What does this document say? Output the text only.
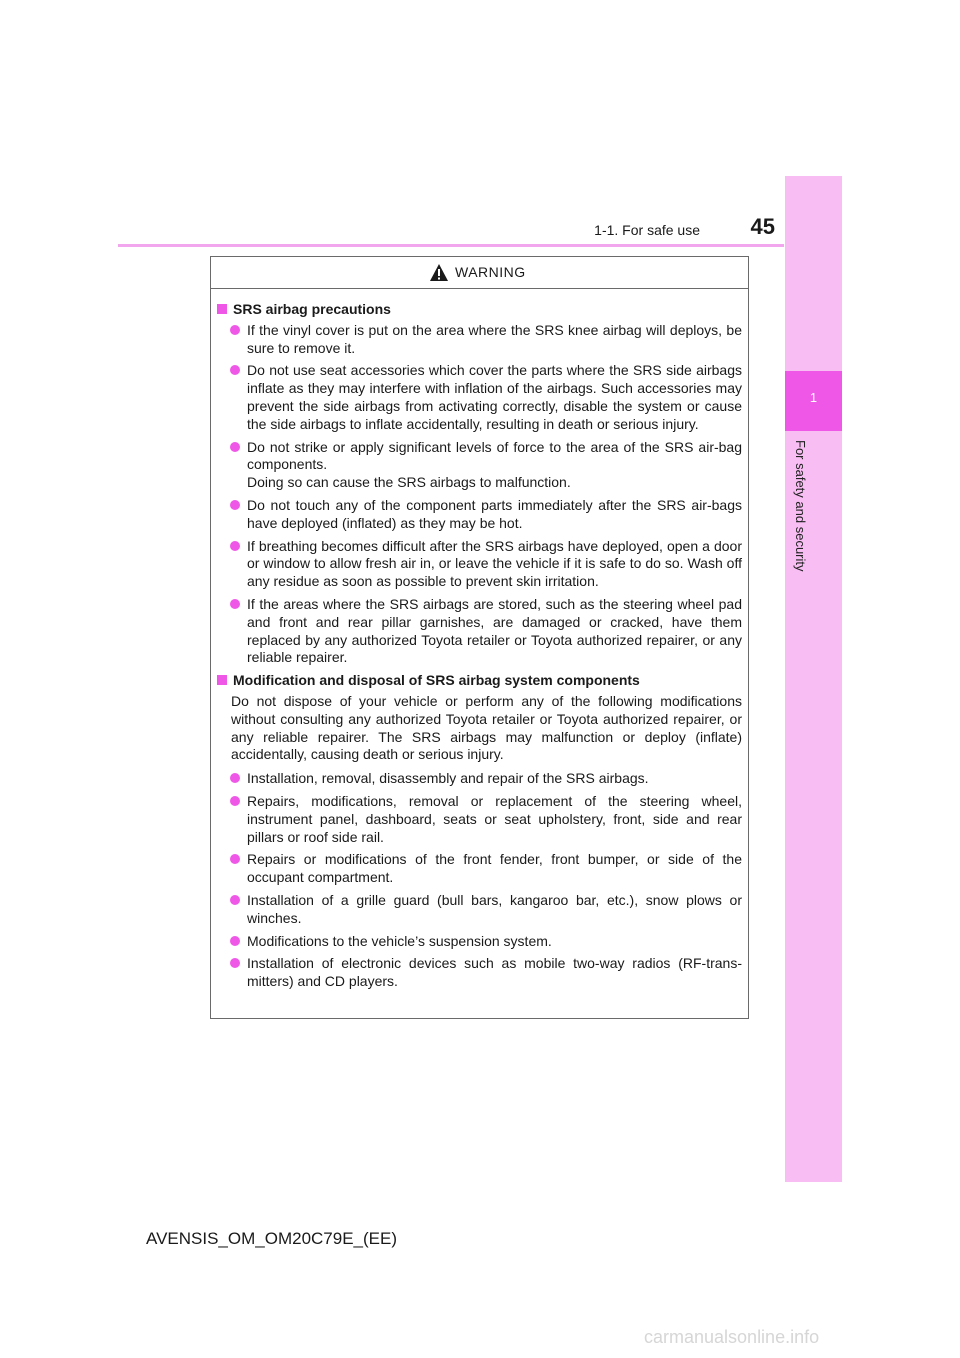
1
For safety and security
1-1. For safe use	45
WARNING
SRS airbag precautions
If the vinyl cover is put on the area where the SRS knee airbag will deploys, be sure to remove it.
Do not use seat accessories which cover the parts where the SRS side airbags inflate as they may interfere with inflation of the airbags. Such accessories may prevent the side airbags from activating correctly, disable the system or cause the side airbags to inflate accidentally, resulting in death or serious injury.
Do not strike or apply significant levels of force to the area of the SRS air-bag components.
Doing so can cause the SRS airbags to malfunction.
Do not touch any of the component parts immediately after the SRS air-bags have deployed (inflated) as they may be hot.
If breathing becomes difficult after the SRS airbags have deployed, open a door or window to allow fresh air in, or leave the vehicle if it is safe to do so. Wash off any residue as soon as possible to prevent skin irritation.
If the areas where the SRS airbags are stored, such as the steering wheel pad and front and rear pillar garnishes, are damaged or cracked, have them replaced by any authorized Toyota retailer or Toyota authorized repairer, or any reliable repairer.
Modification and disposal of SRS airbag system components
Do not dispose of your vehicle or perform any of the following modifications without consulting any authorized Toyota retailer or Toyota authorized repairer, or any reliable repairer. The SRS airbags may malfunction or deploy (inflate) accidentally, causing death or serious injury.
Installation, removal, disassembly and repair of the SRS airbags.
Repairs, modifications, removal or replacement of the steering wheel, instrument panel, dashboard, seats or seat upholstery, front, side and rear pillars or roof side rail.
Repairs or modifications of the front fender, front bumper, or side of the occupant compartment.
Installation of a grille guard (bull bars, kangaroo bar, etc.), snow plows or winches.
Modifications to the vehicle’s suspension system.
Installation of electronic devices such as mobile two-way radios (RF-trans-mitters) and CD players.
AVENSIS_OM_OM20C79E_(EE)
carmanualsonline.info
